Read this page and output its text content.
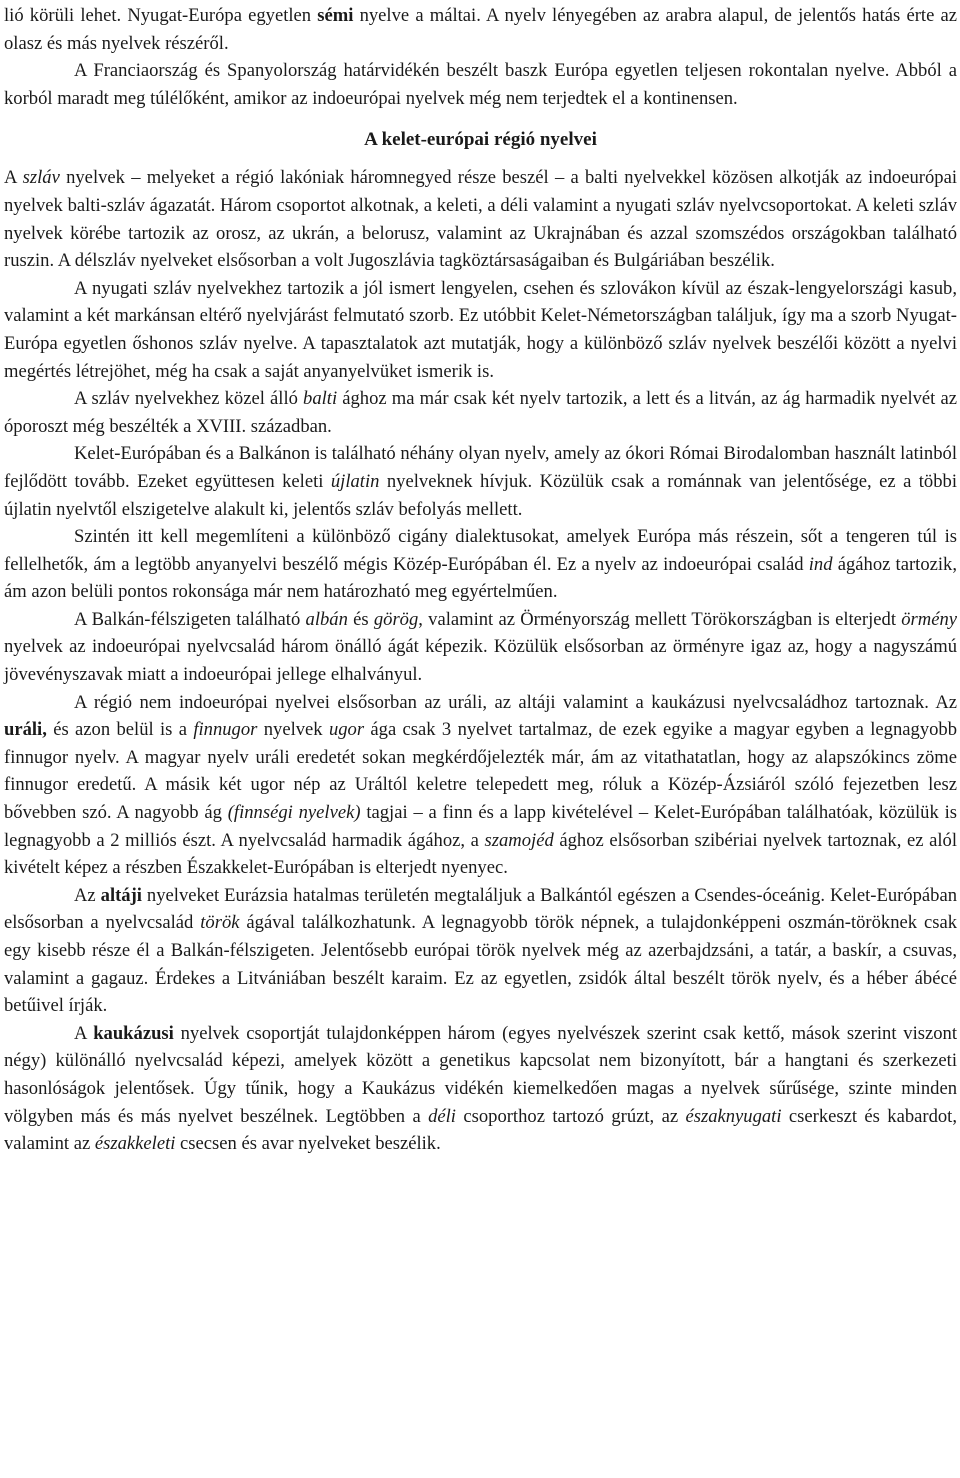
lió körüli lehet. Nyugat-Európa egyetlen sémi nyelve a máltai. A nyelv lényegében az arabra alapul, de jelentős hatás érte az olasz és más nyelvek részéről.

A Franciaország és Spanyolország határvidékén beszélt baszk Európa egyetlen teljesen rokontalan nyelve. Abból a korból maradt meg túlélőként, amikor az indoeurópai nyelvek még nem terjedtek el a kontinensen.

A kelet-európai régió nyelvei

A szláv nyelvek – melyeket a régió lakóniak háromnegyed része beszél – a balti nyelvekkel közösen alkotják az indoeurópai nyelvek balti-szláv ágazatát. Három csoportot alkotnak, a keleti, a déli valamint a nyugati szláv nyelvcsoportokat. A keleti szláv nyelvek körébe tartozik az orosz, az ukrán, a belorusz, valamint az Ukrajnában és azzal szomszédos országokban található ruszin. A délszláv nyelveket elsősorban a volt Jugoszlávia tagköztársaságaiban és Bulgáriában beszélik.

A nyugati szláv nyelvekhez tartozik a jól ismert lengyelen, csehen és szlovákon kívül az észak-lengyelországi kasub, valamint a két markánsan eltérő nyelvjárást felmutató szorb. Ez utóbbit Kelet-Németországban találjuk, így ma a szorb Nyugat-Európa egyetlen őshonos szláv nyelve. A tapasztalatok azt mutatják, hogy a különböző szláv nyelvek beszélői között a nyelvi megértés létrejöhet, még ha csak a saját anyanyelvüket ismerik is.

A szláv nyelvekhez közel álló balti ághoz ma már csak két nyelv tartozik, a lett és a litván, az ág harmadik nyelvét az óporoszt még beszélték a XVIII. században.

Kelet-Európában és a Balkánon is található néhány olyan nyelv, amely az ókori Római Birodalomban használt latinból fejlődött tovább. Ezeket együttesen keleti újlatin nyelveknek hívjuk. Közülük csak a románnak van jelentősége, ez a többi újlatin nyelvtől elszigetelve alakult ki, jelentős szláv befolyás mellett.

Szintén itt kell megemlíteni a különböző cigány dialektusokat, amelyek Európa más részein, sőt a tengeren túl is fellelhetők, ám a legtöbb anyanyelvi beszélő mégis Közép-Európában él. Ez a nyelv az indoeurópai család ind ágához tartozik, ám azon belüli pontos rokonsága már nem határozható meg egyértelműen.

A Balkán-félszigeten található albán és görög, valamint az Örményország mellett Törökországban is elterjedt örmény nyelvek az indoeurópai nyelvcsalád három önálló ágát képezik. Közülük elsősorban az örményre igaz az, hogy a nagyszámú jövevényszavak miatt a indoeurópai jellege elhalványul.

A régió nem indoeurópai nyelvei elsősorban az uráli, az altáji valamint a kaukázusi nyelvcsaládhoz tartoznak. Az uráli, és azon belül is a finnugor nyelvek ugor ága csak 3 nyelvet tartalmaz, de ezek egyike a magyar egyben a legnagyobb finnugor nyelv. A magyar nyelv uráli eredetét sokan megkérdőjelezték már, ám az vitathatatlan, hogy az alapszókincs zöme finnugor eredetű. A másik két ugor nép az Uráltól keletre telepedett meg, róluk a Közép-Ázsiáról szóló fejezetben lesz bővebben szó. A nagyobb ág (finnségi nyelvek) tagjai – a finn és a lapp kivételével – Kelet-Európában találhatóak, közülük is legnagyobb a 2 milliós észt. A nyelvcsalád harmadik ágához, a szamojéd ághoz elsősorban szibériai nyelvek tartoznak, ez alól kivételt képez a részben Északkelet-Európában is elterjedt nyenyec.

Az altáji nyelveket Eurázsia hatalmas területén megtaláljuk a Balkántól egészen a Csendes-óceánig. Kelet-Európában elsősorban a nyelvcsalád török ágával találkozhatunk. A legnagyobb török népnek, a tulajdonképpeni oszmán-töröknek csak egy kisebb része él a Balkán-félszigeten. Jelentősebb európai török nyelvek még az azerbajdzsáni, a tatár, a baskír, a csuvas, valamint a gagauz. Érdekes a Litvániában beszélt karaim. Ez az egyetlen, zsidók által beszélt török nyelv, és a héber ábécé betűivel írják.

A kaukázusi nyelvek csoportját tulajdonképpen három (egyes nyelvészek szerint csak kettő, mások szerint viszont négy) különálló nyelvcsalád képezi, amelyek között a genetikus kapcsolat nem bizonyított, bár a hangtani és szerkezeti hasonlóságok jelentősek. Úgy tűnik, hogy a Kaukázus vidékén kiemelkedően magas a nyelvek sűrűsége, szinte minden völgyben más és más nyelvet beszélnek. Legtöbben a déli csoporthoz tartozó grúzt, az északnyugati cserkeszt és kabardot, valamint az északkeleti csecsen és avar nyelveket beszélik.
